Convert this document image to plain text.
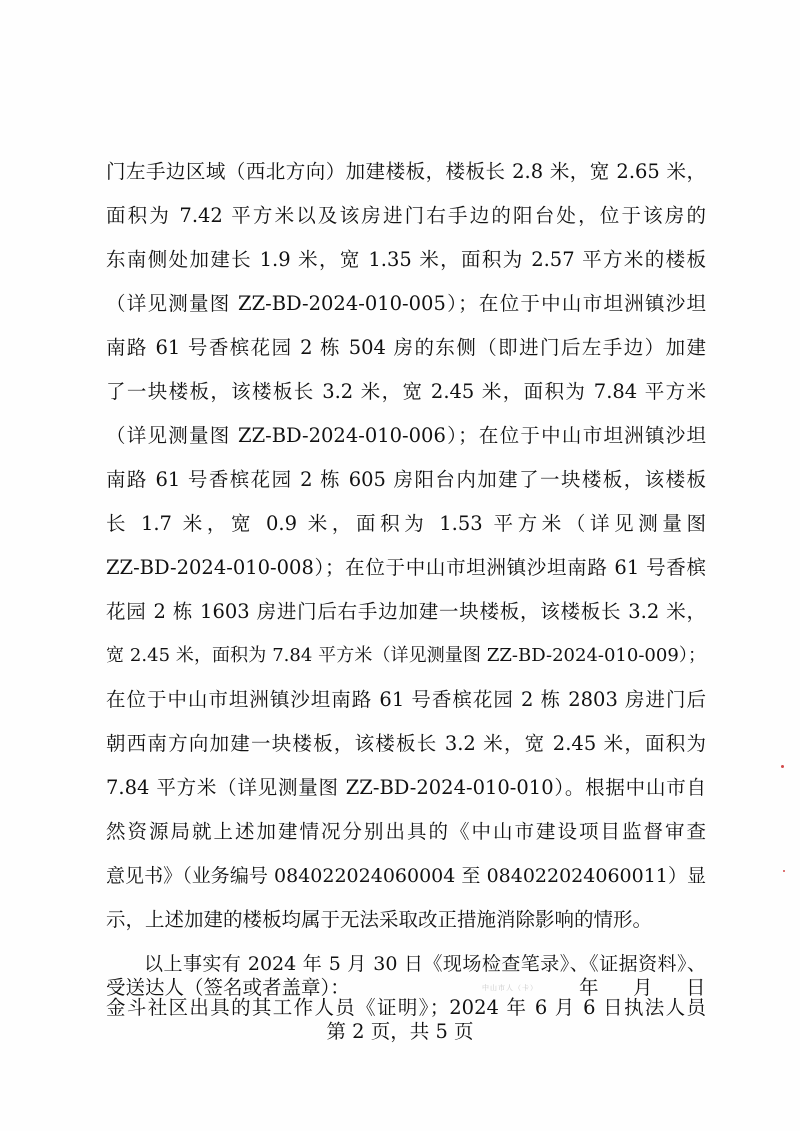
门左手边区域（西北方向）加建楼板，楼板长 2.8 米，宽 2.65 米，
面积为 7.42 平方米以及该房进门右手边的阳台处，位于该房的
东南侧处加建长 1.9 米，宽 1.35 米，面积为 2.57 平方米的楼板
（详见测量图 ZZ-BD-2024-010-005）；在位于中山市坦洲镇沙坦
南路 61 号香槟花园 2 栋 504 房的东侧（即进门后左手边）加建
了一块楼板，该楼板长 3.2 米，宽 2.45 米，面积为 7.84 平方米
（详见测量图 ZZ-BD-2024-010-006）；在位于中山市坦洲镇沙坦
南路 61 号香槟花园 2 栋 605 房阳台内加建了一块楼板，该楼板
长 1.7 米，宽 0.9 米，面积为 1.53 平方米（详见测量图
ZZ-BD-2024-010-008）；在位于中山市坦洲镇沙坦南路 61 号香槟
花园 2 栋 1603 房进门后右手边加建一块楼板，该楼板长 3.2 米，
宽 2.45 米，面积为 7.84 平方米（详见测量图 ZZ-BD-2024-010-009）；
在位于中山市坦洲镇沙坦南路 61 号香槟花园 2 栋 2803 房进门后
朝西南方向加建一块楼板，该楼板长 3.2 米，宽 2.45 米，面积为
7.84 平方米（详见测量图 ZZ-BD-2024-010-010）。根据中山市自
然资源局就上述加建情况分别出具的《中山市建设项目监督审查
意见书》（业务编号 084022024060004 至 084022024060011）显
示，上述加建的楼板均属于无法采取改正措施消除影响的情形。
以上事实有 2024 年 5 月 30 日《现场检查笔录》、《证据资料》、
金斗社区出具的其工作人员《证明》；2024 年 6 月 6 日执法人员
受送达人（签名或者盖章）：	中山市人（卡） 年 月 日
第 2 页，共 5 页
